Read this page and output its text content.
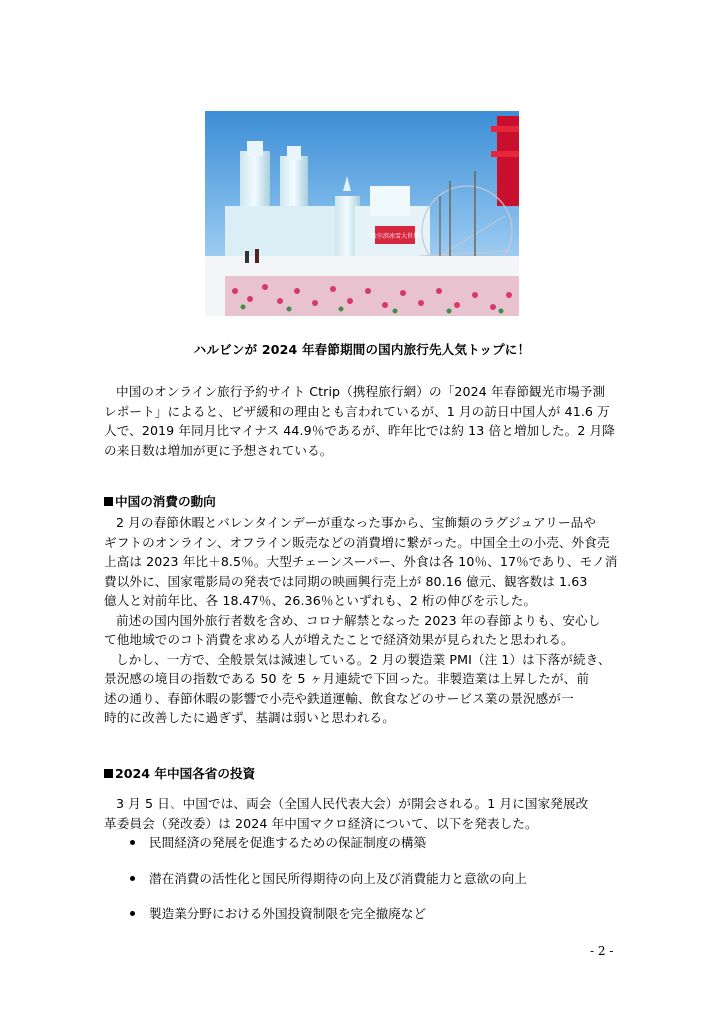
哈尔滨冰雪大世界
ハルビンが 2024 年春節期間の国内旅行先人気トップに！
中国のオンライン旅行予約サイト Ctrip（携程旅行網）の「2024 年春節観光市場予測
レポート」によると、ビザ緩和の理由とも言われているが、1 月の訪日中国人が 41.6 万
人で、2019 年同月比マイナス 44.9％であるが、昨年比では約 13 倍と増加した。2 月降
の来日数は増加が更に予想されている。
中国の消費の動向
2 月の春節休暇とバレンタインデーが重なった事から、宝飾類のラグジュアリー品や
ギフトのオンライン、オフライン販売などの消費増に繋がった。中国全土の小売、外食売
上高は 2023 年比＋8.5％。大型チェーンスーパー、外食は各 10％、17％であり、モノ消
費以外に、国家電影局の発表では同期の映画興行売上が 80.16 億元、観客数は 1.63
億人と対前年比、各 18.47％、26.36％といずれも、2 桁の伸びを示した。
前述の国内国外旅行者数を含め、コロナ解禁となった 2023 年の春節よりも、安心し
て他地域でのコト消費を求める人が増えたことで経済効果が見られたと思われる。
しかし、一方で、全般景気は減速している。2 月の製造業 PMI（注 1）は下落が続き、
景況感の境目の指数である 50 を 5 ヶ月連続で下回った。非製造業は上昇したが、前
述の通り、春節休暇の影響で小売や鉄道運輸、飲食などのサービス業の景況感が一
時的に改善したに過ぎず、基調は弱いと思われる。
2024 年中国各省の投資
3 月 5 日、中国では、両会（全国人民代表大会）が開会される。1 月に国家発展改
革委員会（発改委）は 2024 年中国マクロ経済について、以下を発表した。
民間経済の発展を促進するための保証制度の構築
潜在消費の活性化と国民所得期待の向上及び消費能力と意欲の向上
製造業分野における外国投資制限を完全撤廃など
- 2 -
